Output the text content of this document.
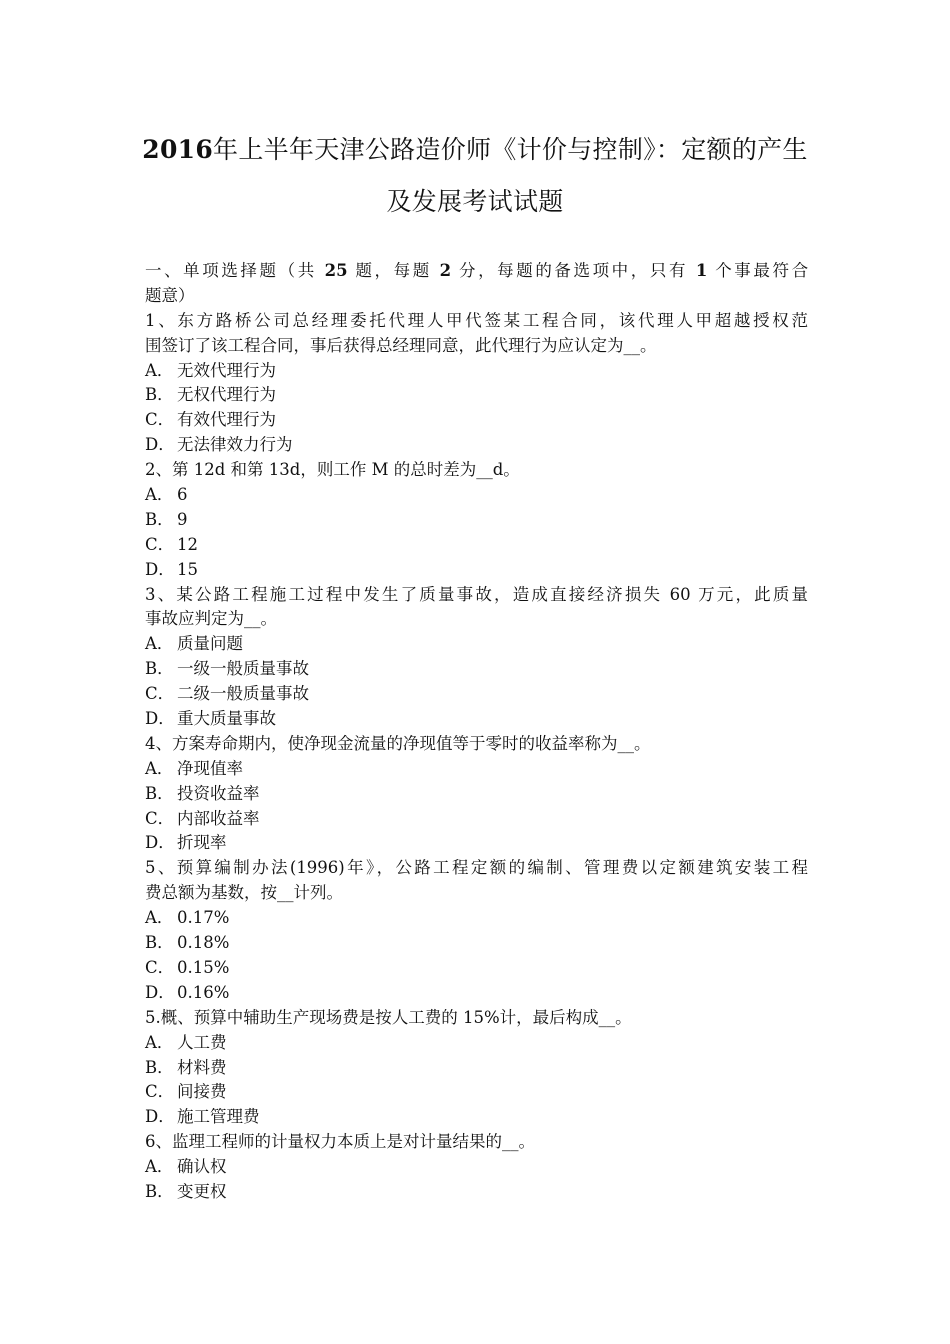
2016年上半年天津公路造价师《计价与控制》：定额的产生
及发展考试试题
一、单项选择题（共 25 题，每题 2 分，每题的备选项中，只有 1 个事最符合
题意）
1、东方路桥公司总经理委托代理人甲代签某工程合同，该代理人甲超越授权范
围签订了该工程合同，事后获得总经理同意，此代理行为应认定为__。
A． 无效代理行为
B． 无权代理行为
C． 有效代理行为
D． 无法律效力行为
2、第 12d 和第 13d，则工作 M 的总时差为__d。
A． 6
B． 9
C． 12
D． 15
3、某公路工程施工过程中发生了质量事故，造成直接经济损失 60 万元，此质量
事故应判定为__。
A． 质量问题
B． 一级一般质量事故
C． 二级一般质量事故
D． 重大质量事故
4、方案寿命期内，使净现金流量的净现值等于零时的收益率称为__。
A． 净现值率
B． 投资收益率
C． 内部收益率
D． 折现率
5、预算编制办法(1996)年》，公路工程定额的编制、管理费以定额建筑安装工程
费总额为基数，按__计列。
A． 0.17%
B． 0.18%
C． 0.15%
D． 0.16%
5.概、预算中辅助生产现场费是按人工费的 15%计，最后构成__。
A． 人工费
B． 材料费
C． 间接费
D． 施工管理费
6、监理工程师的计量权力本质上是对计量结果的__。
A． 确认权
B． 变更权
